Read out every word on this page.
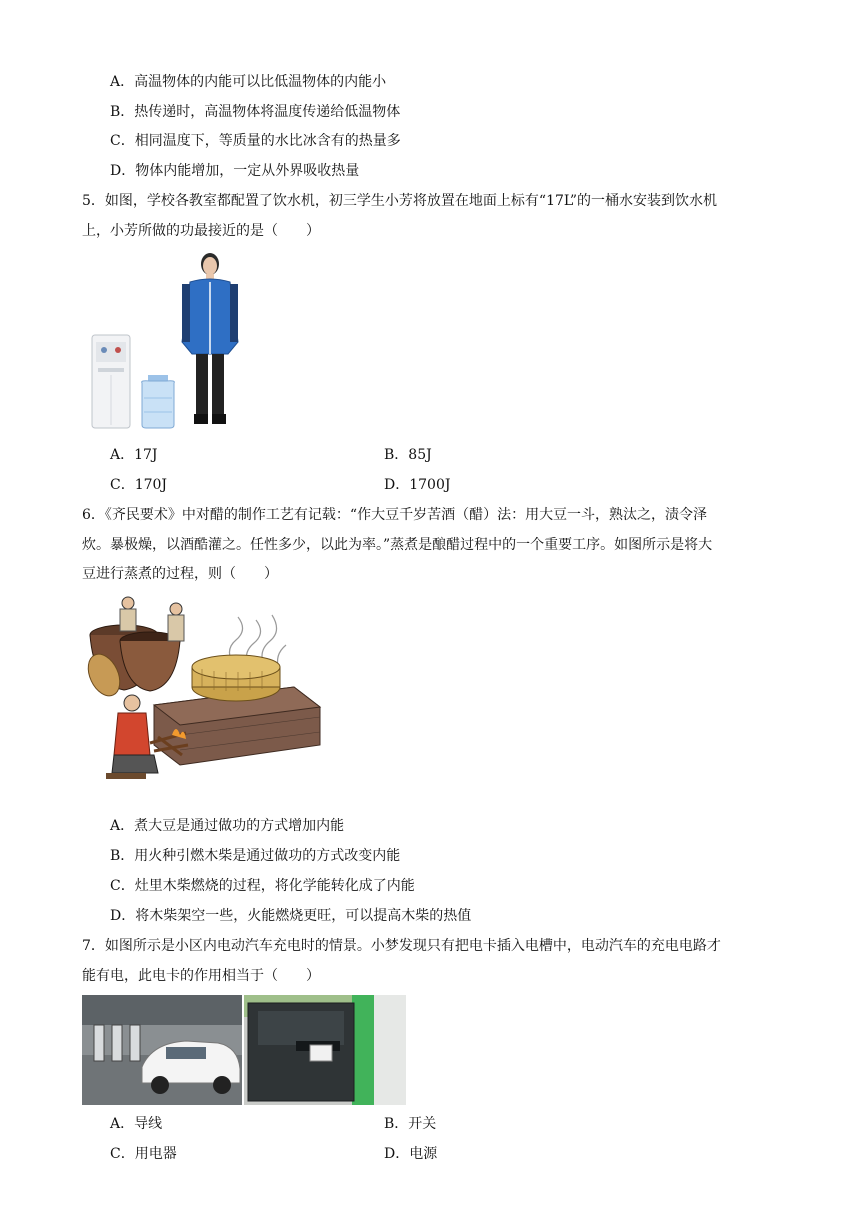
A．高温物体的内能可以比低温物体的内能小
B．热传递时，高温物体将温度传递给低温物体
C．相同温度下，等质量的水比冰含有的热量多
D．物体内能增加，一定从外界吸收热量
5．如图，学校各教室都配置了饮水机，初三学生小芳将放置在地面上标有“17L”的一桶水安装到饮水机
上，小芳所做的功最接近的是（　　）
A．17J	B．85J
C．170J	D．1700J
6．《齐民要术》中对醋的制作工艺有记载：“作大豆千岁苦酒（醋）法：用大豆一斗，熟汰之，渍令泽
炊。暴极燥，以酒酷灌之。任性多少，以此为率。”蒸煮是酿醋过程中的一个重要工序。如图所示是将大
豆进行蒸煮的过程，则（　　）
A．煮大豆是通过做功的方式增加内能
B．用火种引燃木柴是通过做功的方式改变内能
C．灶里木柴燃烧的过程，将化学能转化成了内能
D．将木柴架空一些，火能燃烧更旺，可以提高木柴的热值
7．如图所示是小区内电动汽车充电时的情景。小梦发现只有把电卡插入电槽中，电动汽车的充电电路才
能有电，此电卡的作用相当于（　　）
A．导线	B．开关
C．用电器	D．电源
